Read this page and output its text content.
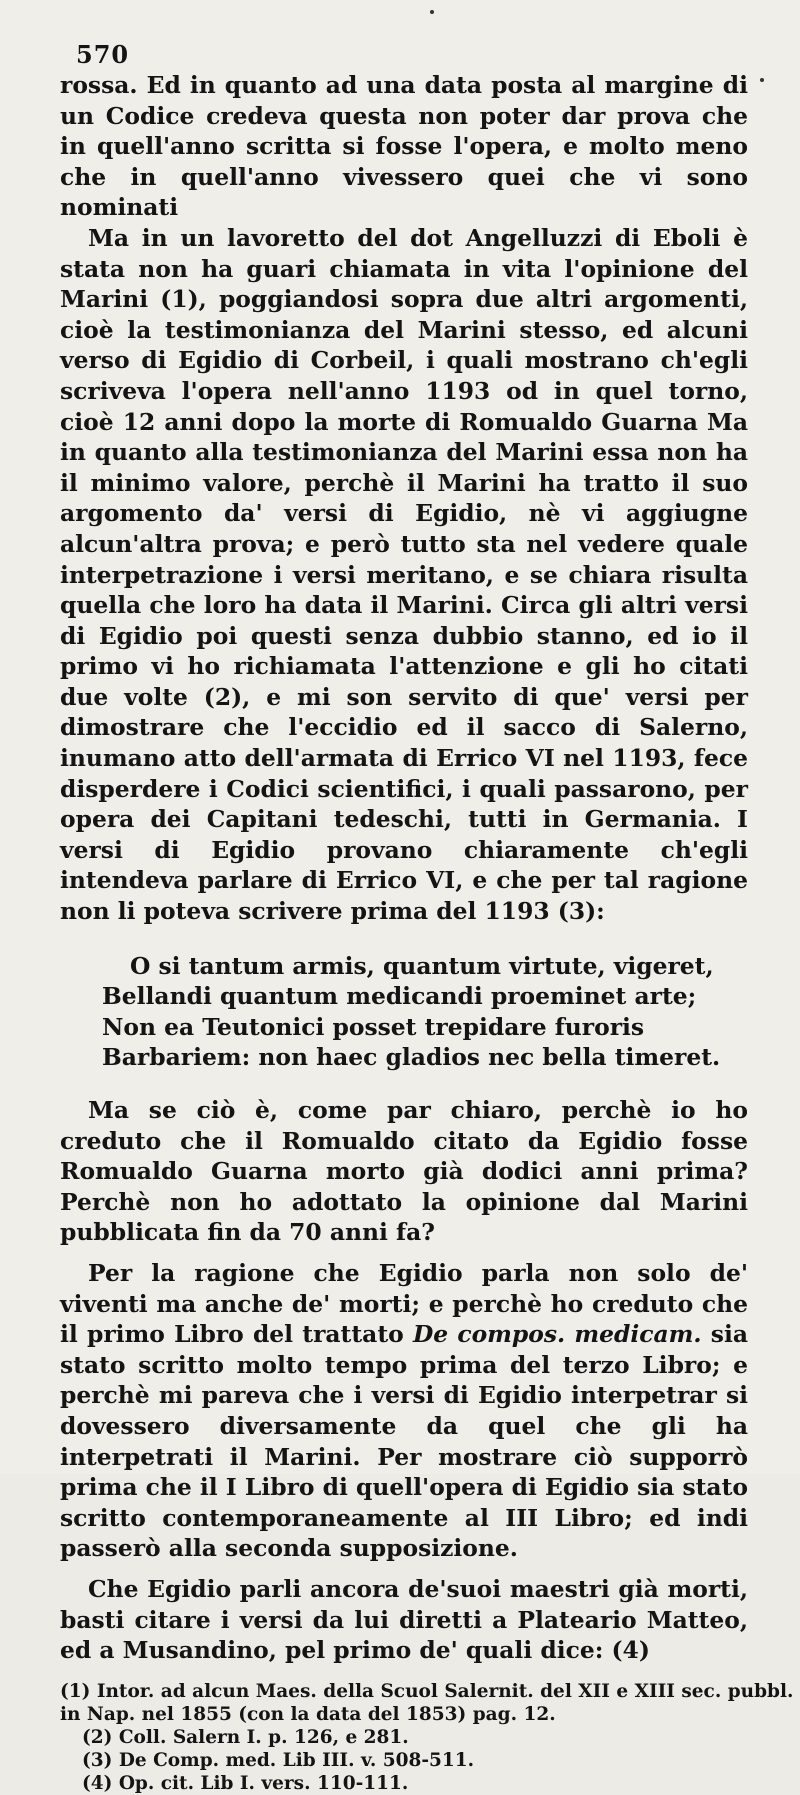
570

rossa. Ed in quanto ad una data posta al margine di un Codice credeva questa non poter dar prova che in quell'anno scritta si fosse l'opera, e molto meno che in quell'anno vivessero quei che vi sono nominati

Ma in un lavoretto del dot Angelluzzi di Eboli è stata non ha guari chiamata in vita l'opinione del Marini (1), poggiandosi sopra due altri argomenti, cioè la testimonianza del Marini stesso, ed alcuni verso di Egidio di Corbeil, i quali mostrano ch'egli scriveva l'opera nell'anno 1193 od in quel torno, cioè 12 anni dopo la morte di Romualdo Guarna Ma in quanto alla testimonianza del Marini essa non ha il minimo valore, perchè il Marini ha tratto il suo argomento da' versi di Egidio, nè vi aggiugne alcun'altra prova; e però tutto sta nel vedere quale interpetrazione i versi meritano, e se chiara risulta quella che loro ha data il Marini. Circa gli altri versi di Egidio poi questi senza dubbio stanno, ed io il primo vi ho richiamata l'attenzione e gli ho citati due volte (2), e mi son servito di que' versi per dimostrare che l'eccidio ed il sacco di Salerno, inumano atto dell'armata di Errico VI nel 1193, fece disperdere i Codici scientifici, i quali passarono, per opera dei Capitani tedeschi, tutti in Germania. I versi di Egidio provano chiaramente ch'egli intendeva parlare di Errico VI, e che per tal ragione non li poteva scrivere prima del 1193 (3):

O si tantum armis, quantum virtute, vigeret,
Bellandi quantum medicandi proeminet arte;
Non ea Teutonici posset trepidare furoris
Barbariem: non haec gladios nec bella timeret.

Ma se ciò è, come par chiaro, perchè io ho creduto che il Romualdo citato da Egidio fosse Romualdo Guarna morto già dodici anni prima? Perchè non ho adottato la opinione dal Marini pubblicata fin da 70 anni fa?

Per la ragione che Egidio parla non solo de' viventi ma anche de' morti; e perchè ho creduto che il primo Libro del trattato De compos. medicam. sia stato scritto molto tempo prima del terzo Libro; e perchè mi pareva che i versi di Egidio interpetrar si dovessero diversamente da quel che gli ha interpetrati il Marini. Per mostrare ciò supporrò prima che il I Libro di quell'opera di Egidio sia stato scritto contemporaneamente al III Libro; ed indi passerò alla seconda supposizione.

Che Egidio parli ancora de'suoi maestri già morti, basti citare i versi da lui diretti a Plateario Matteo, ed a Musandino, pel primo de' quali dice: (4)

(1) Intor. ad alcun Maes. della Scuol Salernit. del XII e XIII sec. pubbl.
in Nap. nel 1855 (con la data del 1853) pag. 12.
(2) Coll. Salern I. p. 126, e 281.
(3) De Comp. med. Lib III. v. 508-511.
(4) Op. cit. Lib I. vers. 110-111.
